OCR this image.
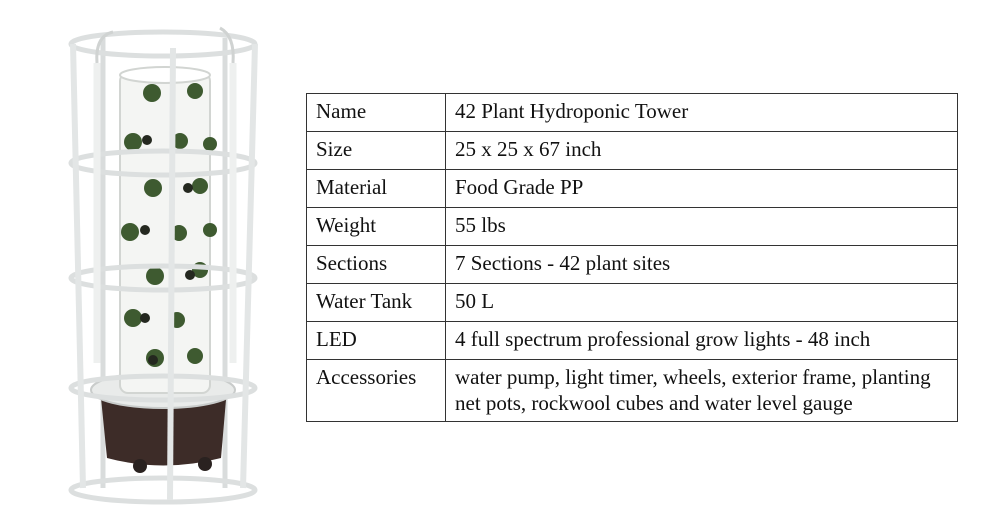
Name	42 Plant Hydroponic Tower
Size	25 x 25 x 67 inch
Material	Food Grade PP
Weight	55 lbs
Sections	7 Sections - 42 plant sites
Water Tank	50 L
LED	4 full spectrum professional grow lights - 48 inch
Accessories	water pump, light timer, wheels, exterior frame, planting net pots, rockwool cubes and water level gauge
